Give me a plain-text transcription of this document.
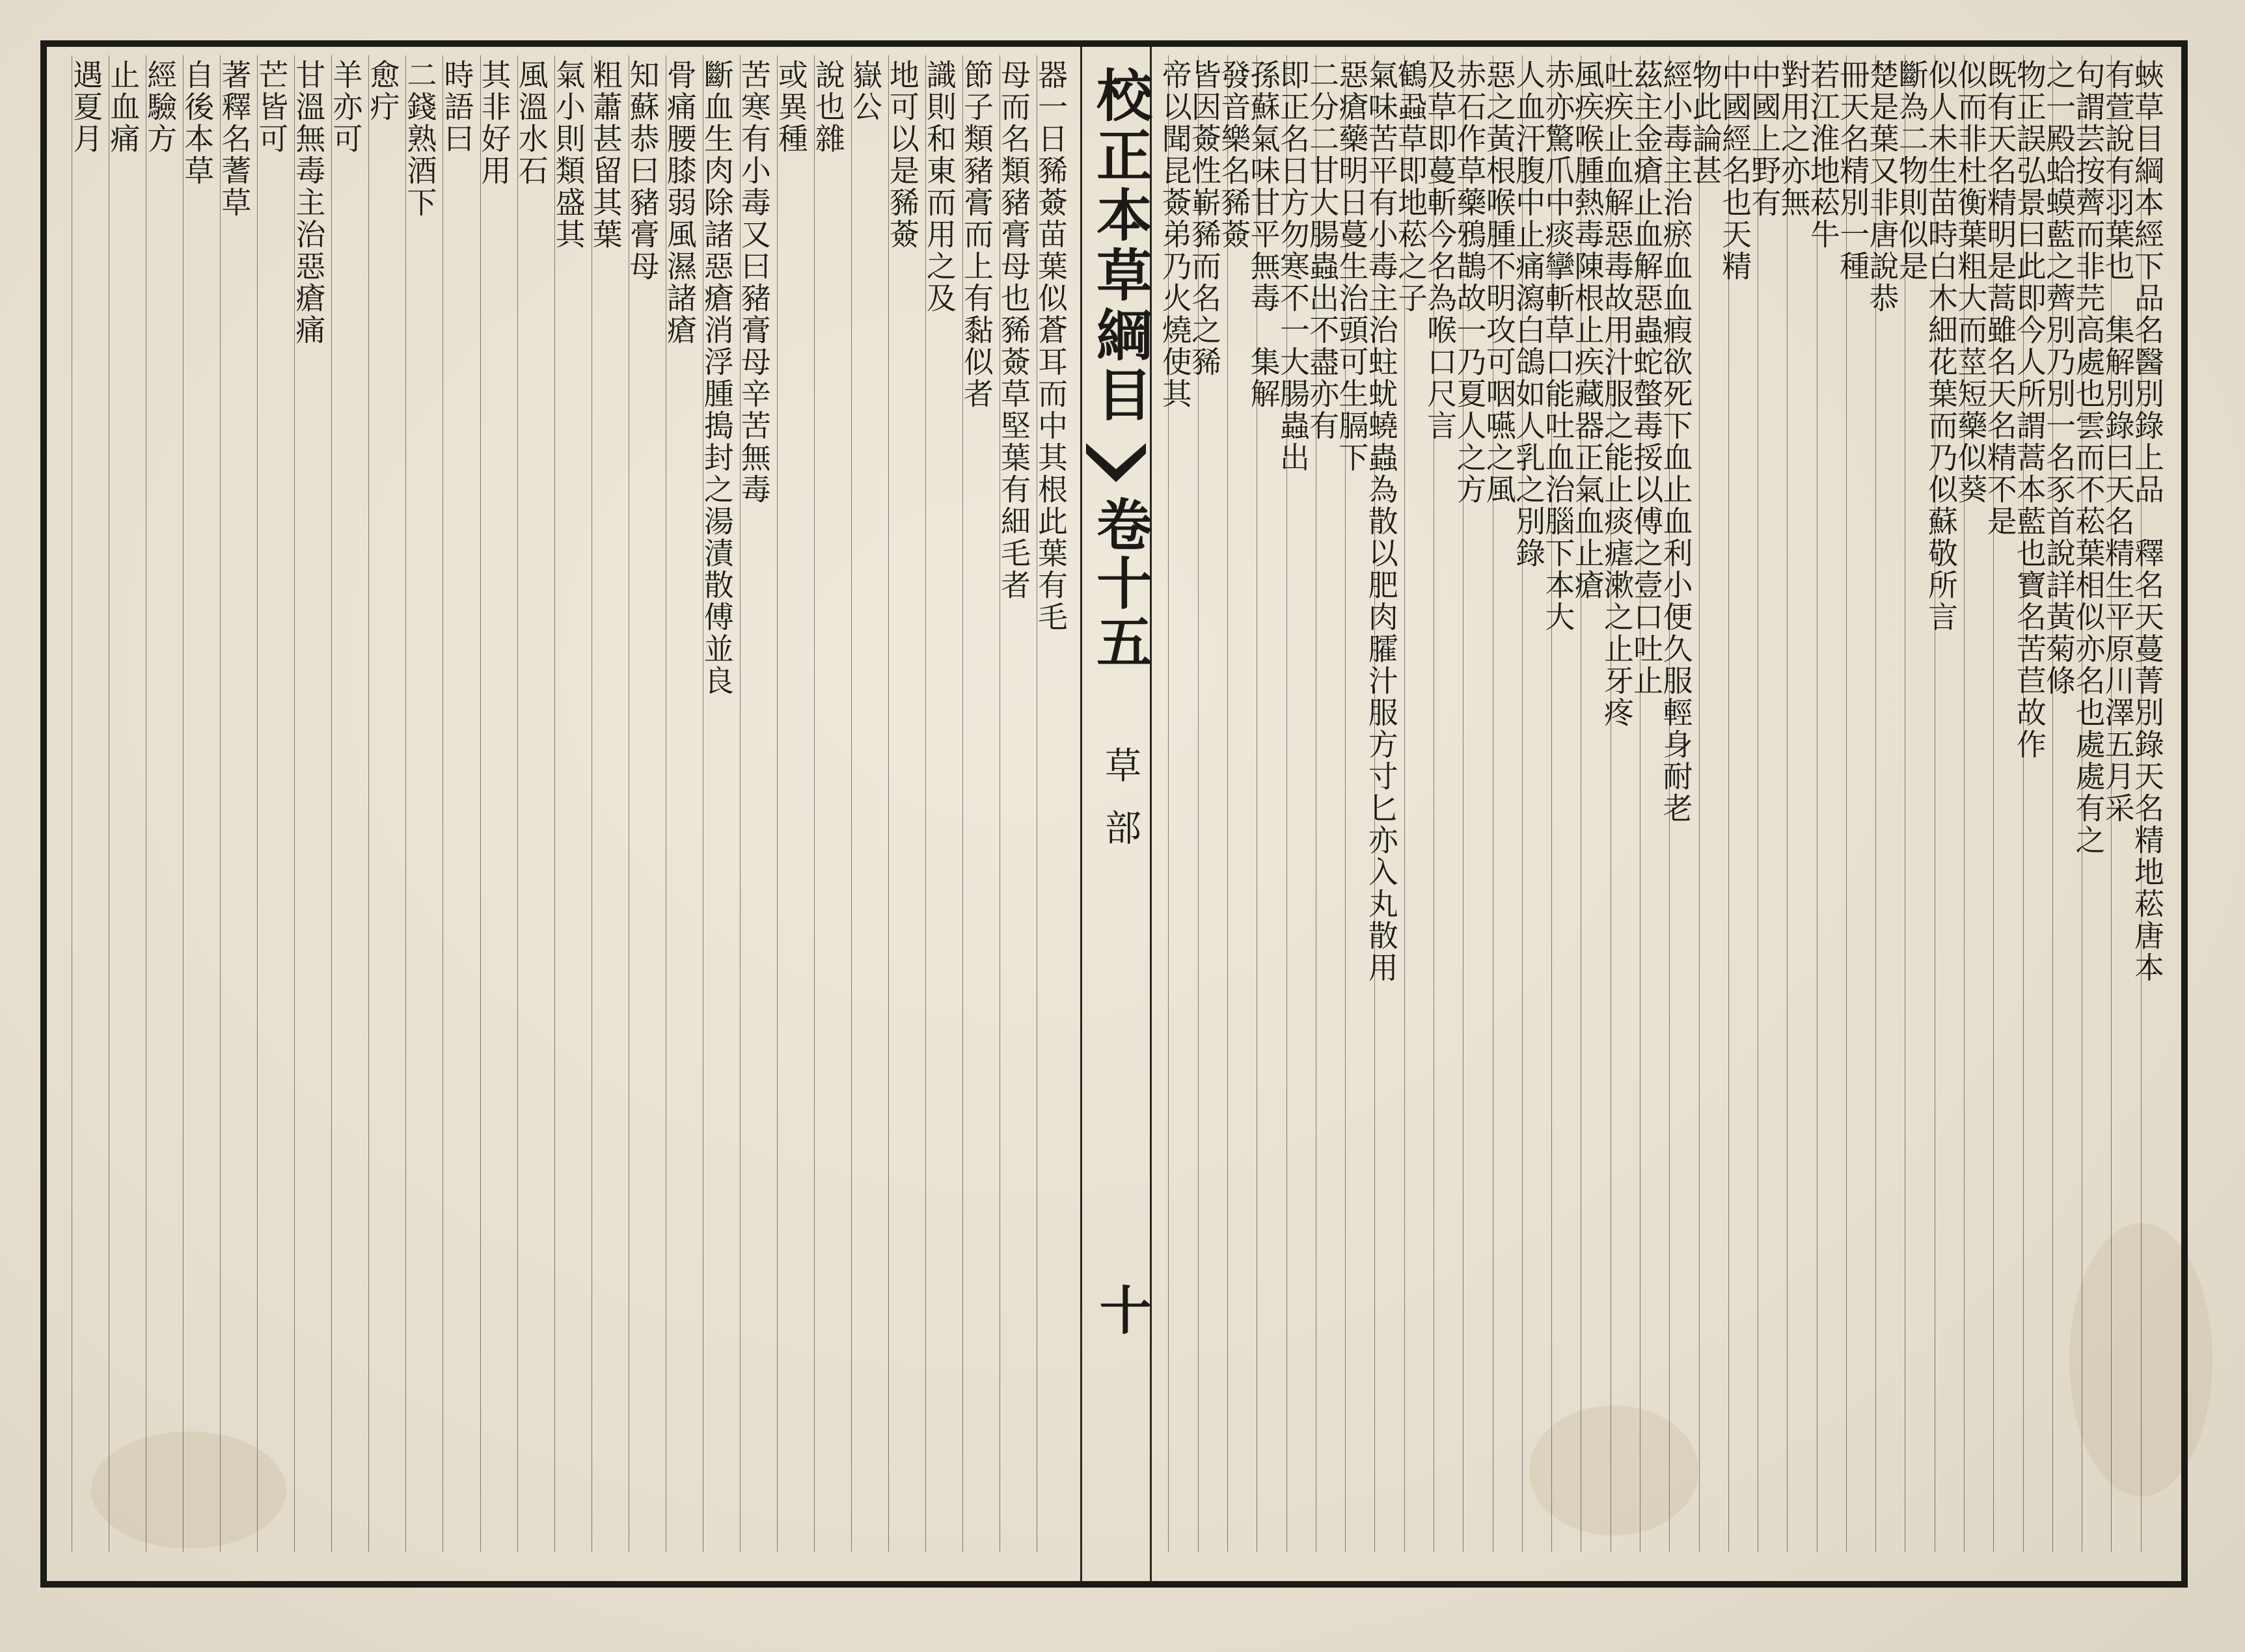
蛺草目綱本經下品名醫別錄上品　釋名天蔓菁別錄天名精地菘唐本
有萱說有羽葉也　集解別錄曰天名精生平原川澤五月采
句謂芸按薺而非芫高處也雲而不菘葉相似亦名也處處有之
之一殿蛤蟆藍之薺別乃別一名豕首說詳黃菊條
物正誤弘景曰此即今人所謂蒿本藍也寶名苦苣故作
既有天名精明是蒿雖名天名精不是
似而非杜衡葉粗大而莖短藥似葵
似人未生苗時白木細花葉而乃似蘇敬所言
斷為二物則似是
楚是葉又非唐說恭
冊天名精別一種
若江淮地菘牛
對用之亦無
中國上野有
中國經名也天精
物此論甚
經小毒主治瘀血血瘕欲死下血止血利小便久服輕身耐老
茲主金瘡止血解惡蟲蛇螫毒挼以傅之壹口吐止
吐疾止血解惡毒故用汁服之能止痰瘧漱之止牙疼
風疾喉腫熱毒陳根止疾藏器正氣血止瘡
赤亦驚爪中痰攣斬草口能吐血治腦下本大
人血汗腹中止痛瀉白鴿如人乳之別錄
惡之黃根喉腫不明攻可咽嚥之風
赤石作草藥鴉鵲故一乃夏人之方
及草即蔓斬今名為喉口尺言
鶴蝨草即地菘之子
氣味苦平有小毒主治蛀蚘蟯蟲為散以肥肉臛汁服方寸匕亦入丸散用
惡瘡藥明日蔓生治頭可生膈下
二分二甘大腸蟲出不盡亦有
即正名日方勿寒不一大腸蟲出
孫蘇氣味甘平無毒　集解
發音樂名豨薟
皆因薟性嶄豨而名之豨
帝以聞昆薟弟乃火燒使其
校正本草綱目
卷十五
草部
十
器一日豨薟苗葉似蒼耳而中其根此葉有毛
母而名類豬膏母也豨薟草堅葉有細毛者
節子類豬膏而上有黏似者
識則和東而用之及
地可以是豨薟
嶽公
說也雜
或異種
苦寒有小毒又曰豬膏母辛苦無毒
斷血生肉除諸惡瘡消浮腫搗封之湯漬散傅並良
骨痛腰膝弱風濕諸瘡
知蘇恭曰豬膏母
粗蕭甚留其葉
氣小則類盛其
風溫水石
其非好用
時語曰
二錢熟酒下
愈疔
羊亦可
甘溫無毒主治惡瘡痛
芒皆可
著釋名蓍草
自後本草
經驗方
止血痛
遇夏月
